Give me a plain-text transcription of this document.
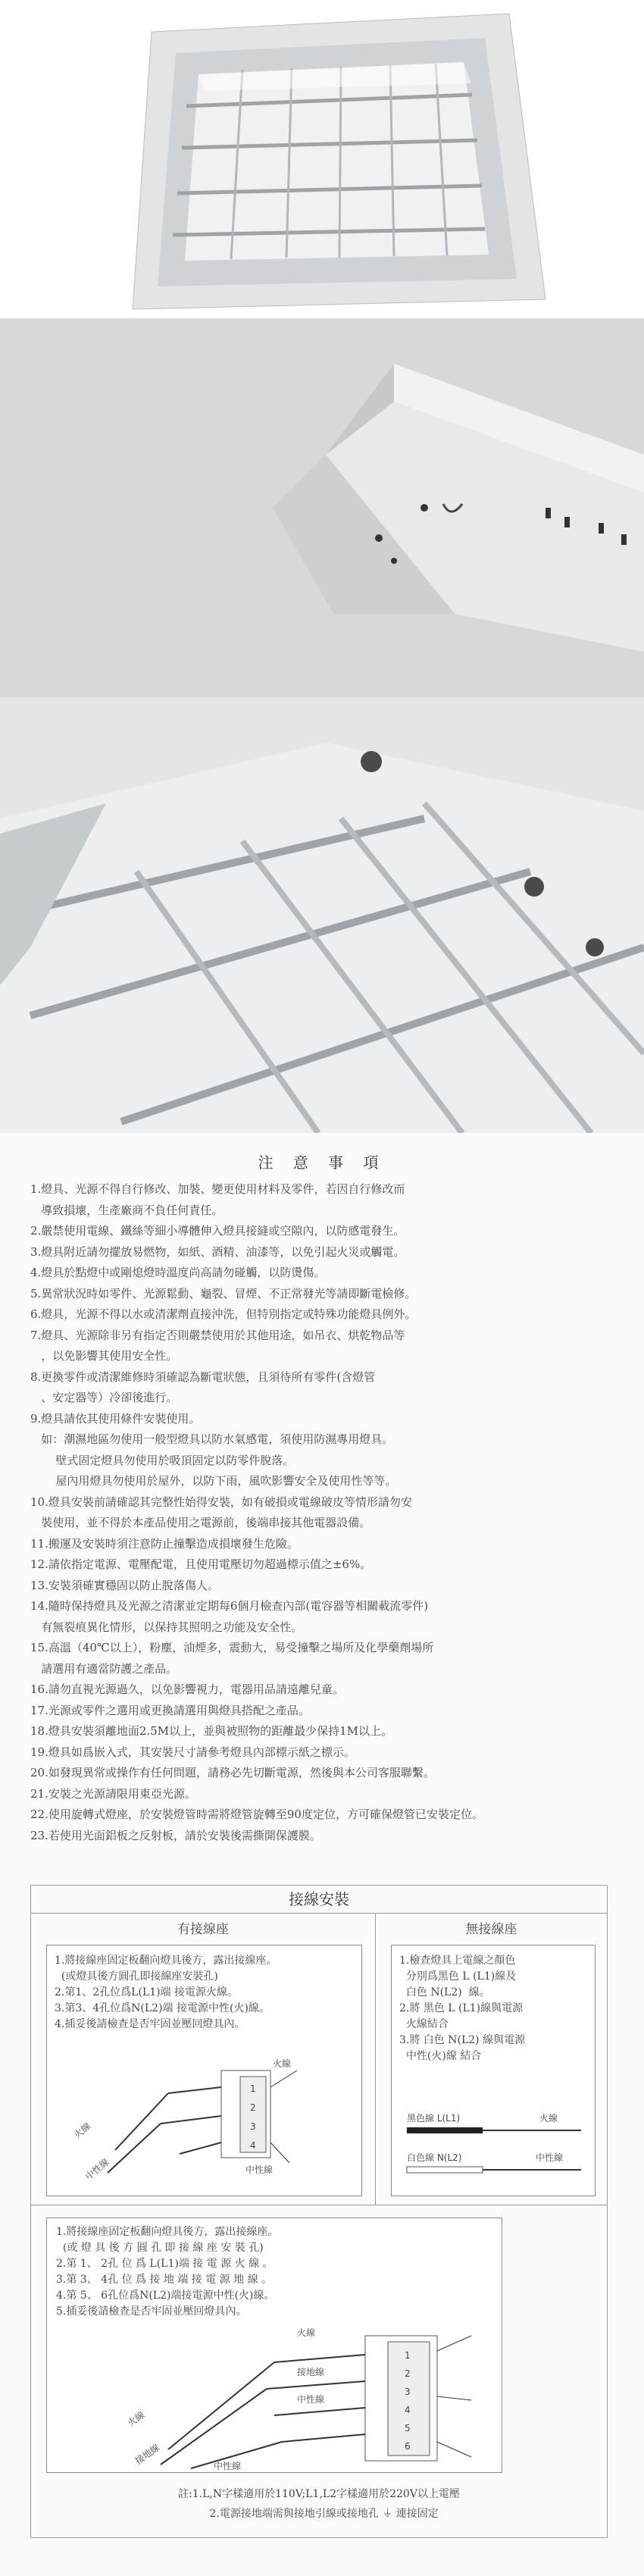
注 意 事 項
1.燈具、光源不得自行修改、加裝、變更使用材料及零件，若因自行修改而
導致損壞，生產廠商不負任何責任。
2.嚴禁使用電線、鐵絲等細小導體伸入燈具接縫或空隙內，以防感電發生。
3.燈具附近請勿擺放易燃物，如紙、酒精、油漆等，以免引起火災或觸電。
4.燈具於點燈中或剛熄燈時溫度尚高請勿碰觸，以防燙傷。
5.異常狀況時如零件、光源鬆動、龜裂、冒煙、不正常發光等請即斷電檢修。
6.燈具，光源不得以水或清潔劑直接沖洗，但特別指定或特殊功能燈具例外。
7.燈具、光源除非另有指定否則嚴禁使用於其他用途，如吊衣、烘乾物品等
，以免影響其使用安全性。
8.更換零件或清潔維修時須確認為斷電狀態，且須待所有零件(含燈管
、安定器等）冷卻後進行。
9.燈具請依其使用條件安裝使用。
如：潮濕地區勿使用一般型燈具以防水氣感電，須使用防濕專用燈具。
壁式固定燈具勿使用於吸頂固定以防零件脫落。
屋內用燈具勿使用於屋外，以防下雨，風吹影響安全及使用性等等。
10.燈具安裝前請確認其完整性始得安裝，如有破損或電線破皮等情形請勿安
裝使用，並不得於本產品使用之電源前，後端串接其他電器設備。
11.搬運及安裝時須注意防止撞擊造成損壞發生危險。
12.請依指定電源、電壓配電，且使用電壓切勿超過標示值之±6%。
13.安裝須確實穩固以防止脫落傷人。
14.隨時保持燈具及光源之清潔並定期每6個月檢查內部(電容器等相關載流零件)
有無裂痕異化情形，以保持其照明之功能及安全性。
15.高溫（40℃以上），粉塵，油煙多，震動大，易受撞擊之場所及化學藥劑場所
請選用有適當防護之產品。
16.請勿直視光源過久，以免影響視力，電器用品請遠離兒童。
17.光源或零件之選用或更換請選用與燈具搭配之產品。
18.燈具安裝須離地面2.5M以上，並與被照物的距離最少保持1M以上。
19.燈具如爲嵌入式，其安裝尺寸請參考燈具內部標示紙之標示。
20.如發現異常或操作有任何問題，請務必先切斷電源，然後與本公司客服聯繫。
21.安裝之光源請限用東亞光源。
22.使用旋轉式燈座，於安裝燈管時需將燈管旋轉至90度定位，方可確保燈管已安裝定位。
23.若使用光面鋁板之反射板，請於安裝後需撕開保護膜。
接線安裝
有接線座	無接線座

1.將接線座固定板翻向燈具後方，露出接線座。

(或燈具後方圓孔即接線座安裝孔)

2.第1、2孔位爲L(L1)端 接電源火線。

3.第3、4孔位爲N(L2)端 接電源中性(火)線。

4.插妥後請檢查是否牢固並壓回燈具內。

火線
中性線
火線
中性線
1
2
3
4

1.檢查燈具上電線之顏色

分別爲黑色 L (L1)線及

白色 N(L2)  線。

2.將 黑色 L (L1)線與電源

火線結合

3.將 白色 N(L2) 線與電源

中性(火)線 結合

黑色線 L(L1)	火線
白色線 N(L2)	中性線

1.將接線座固定板翻向燈具後方，露出接線座。

(或 燈 具 後 方 圓 孔 即 接 線 座 安 裝 孔)

2.第 1、 2孔 位 爲 L(L1)端 接 電 源 火 線 。

3.第 3、 4孔 位 爲 接 地 端 接 電 源 地 線 。

4.第 5、 6孔位爲N(L2)端接電源中性(火)線。

5.插妥後請檢查是否牢固並壓回燈具內。

火線
接地線
中性線
火線
接地線	中性線
1
2
3
4
5
6
註:1.L,N字樣適用於110V;L1,L2字樣適用於220V以上電壓
2.電源接地端需與接地引線或接地孔 ⏚ 連接固定
